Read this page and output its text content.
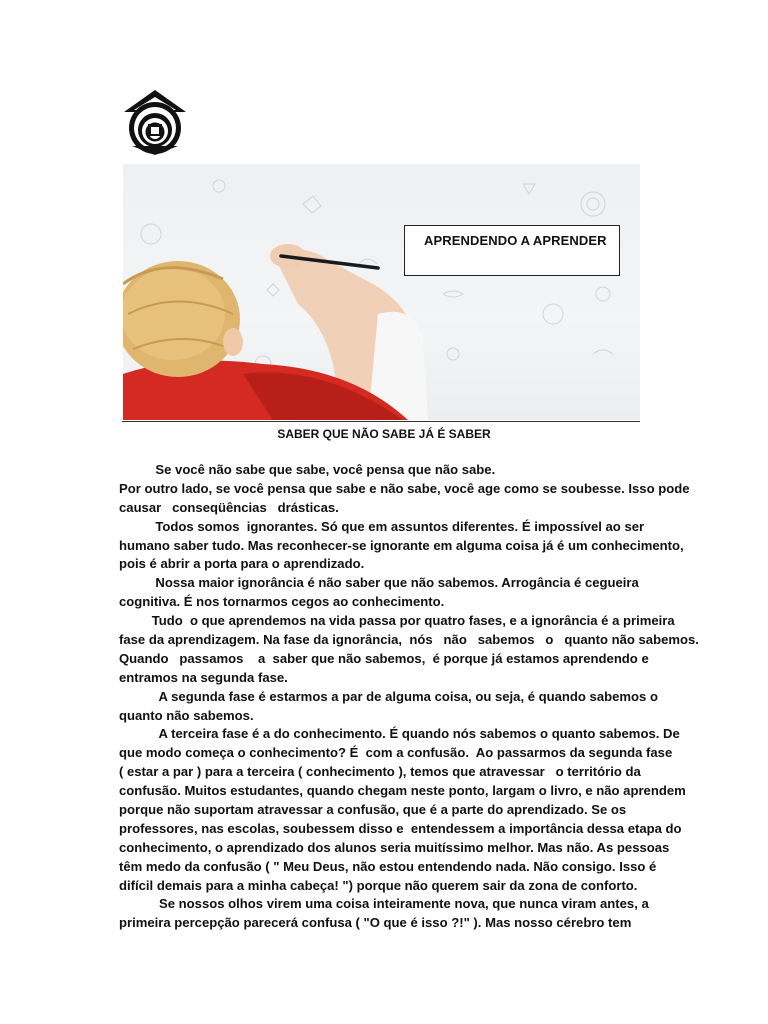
APRENDENDO A APRENDER
SABER QUE NÃO SABE JÁ É SABER
Se você não sabe que sabe, você pensa que não sabe.
Por outro lado, se você pensa que sabe e não sabe, você age como se soubesse. Isso pode
causar   conseqüências   drásticas.
Todos somos  ignorantes. Só que em assuntos diferentes. É impossível ao ser
humano saber tudo. Mas reconhecer-se ignorante em alguma coisa já é um conhecimento,
pois é abrir a porta para o aprendizado.
Nossa maior ignorância é não saber que não sabemos. Arrogância é cegueira
cognitiva. É nos tornarmos cegos ao conhecimento.
Tudo  o que aprendemos na vida passa por quatro fases, e a ignorância é a primeira
fase da aprendizagem. Na fase da ignorância,  nós   não   sabemos   o   quanto não sabemos.
Quando   passamos    a  saber que não sabemos,  é porque já estamos aprendendo e
entramos na segunda fase.
A segunda fase é estarmos a par de alguma coisa, ou seja, é quando sabemos o
quanto não sabemos.
A terceira fase é a do conhecimento. É quando nós sabemos o quanto sabemos. De
que modo começa o conhecimento? É  com a confusão.  Ao passarmos da segunda fase
( estar a par ) para a terceira ( conhecimento ), temos que atravessar   o território da
confusão. Muitos estudantes, quando chegam neste ponto, largam o livro, e não aprendem
porque não suportam atravessar a confusão, que é a parte do aprendizado. Se os
professores, nas escolas, soubessem disso e  entendessem a importância dessa etapa do
conhecimento, o aprendizado dos alunos seria muitíssimo melhor. Mas não. As pessoas
têm medo da confusão ( " Meu Deus, não estou entendendo nada. Não consigo. Isso é
difícil demais para a minha cabeça! ") porque não querem sair da zona de conforto.
Se nossos olhos virem uma coisa inteiramente nova, que nunca viram antes, a
primeira percepção parecerá confusa ( "O que é isso ?!" ). Mas nosso cérebro tem
